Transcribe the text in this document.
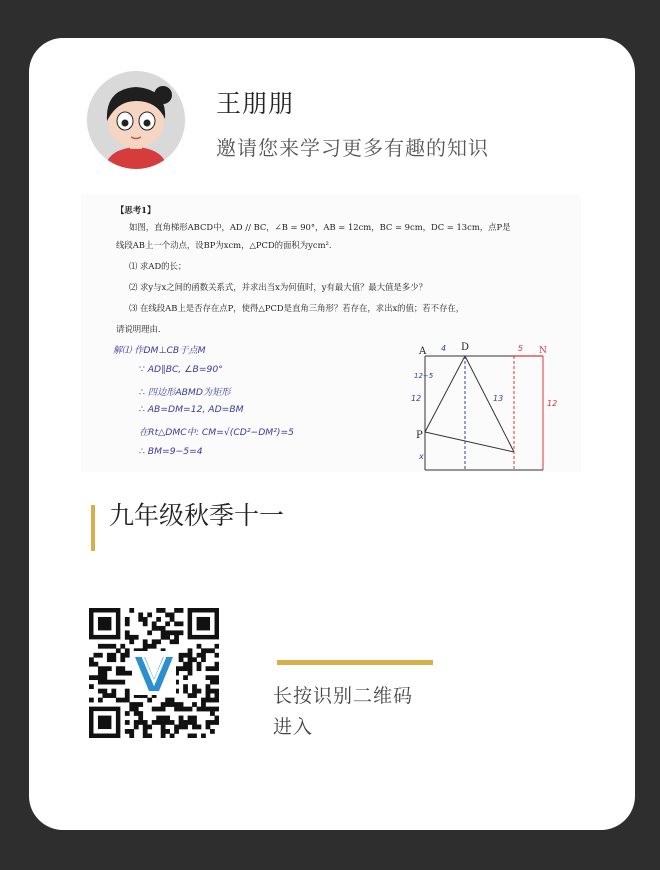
王朋朋
邀请您来学习更多有趣的知识
【思考1】
如图，直角梯形ABCD中，AD // BC，∠B = 90°，AB = 12cm，BC = 9cm，DC = 13cm，点P是
线段AB上一个动点，设BP为xcm，△PCD的面积为ycm².
⑴ 求AD的长；
⑵ 求y与x之间的函数关系式，并求出当x为何值时，y有最大值？最大值是多少？
⑶ 在线段AB上是否存在点P，使得△PCD是直角三角形？若存在，求出x的值；若不存在，
请说明理由.
解⑴ 作DM⊥CB于点M
∵ AD∥BC, ∠B=90°
∴ 四边形ABMD为矩形
∴ AB=DM=12, AD=BM
在Rt△DMC中: CM=√(CD²−DM²)=5
∴ BM=9−5=4
A	D	N
P
4	5
12−5
12	13
12
x
九年级秋季十一
长按识别二维码
进入
